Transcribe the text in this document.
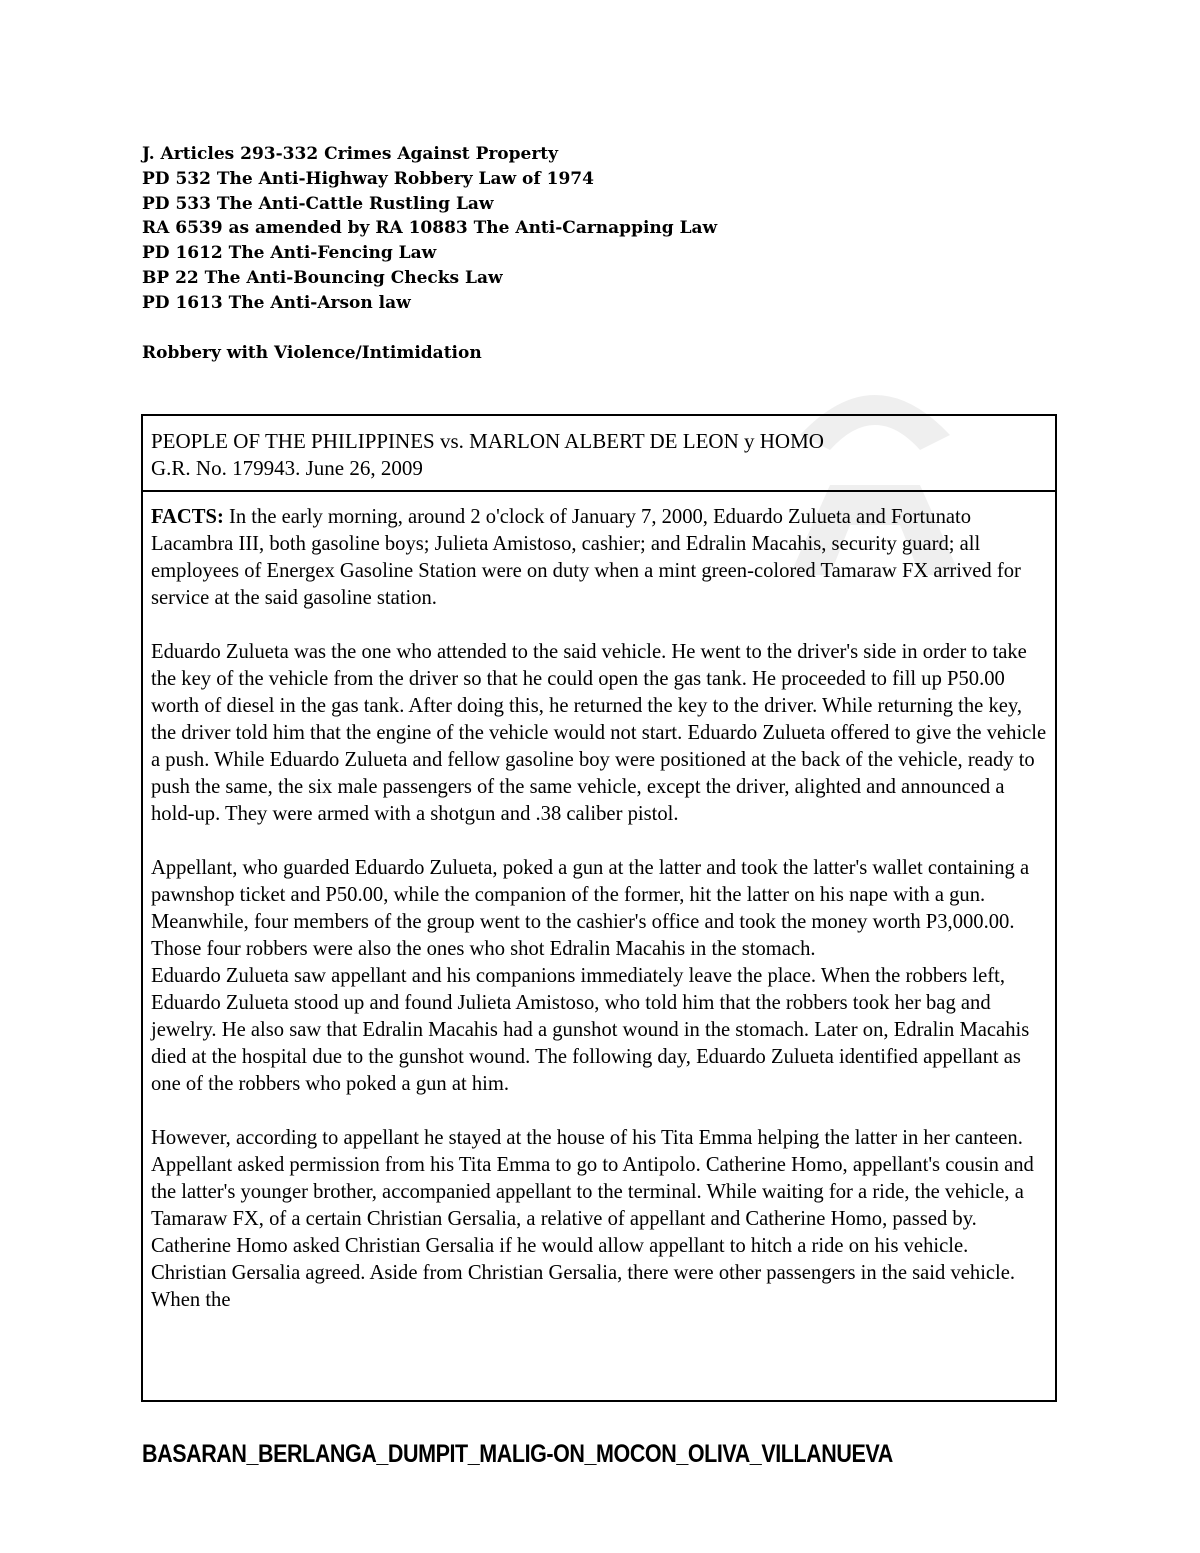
J. Articles 293-332 Crimes Against Property
PD 532 The Anti-Highway Robbery Law of 1974
PD 533 The Anti-Cattle Rustling Law
RA 6539 as amended by RA 10883 The Anti-Carnapping Law
PD 1612 The Anti-Fencing Law
BP 22 The Anti-Bouncing Checks Law
PD 1613 The Anti-Arson law
Robbery with Violence/Intimidation
PEOPLE OF THE PHILIPPINES vs. MARLON ALBERT DE LEON y HOMO
G.R. No. 179943. June 26, 2009

FACTS: In the early morning, around 2 o'clock of January 7, 2000, Eduardo Zulueta and Fortunato Lacambra III, both gasoline boys; Julieta Amistoso, cashier; and Edralin Macahis, security guard; all employees of Energex Gasoline Station were on duty when a mint green-colored Tamaraw FX arrived for service at the said gasoline station.

Eduardo Zulueta was the one who attended to the said vehicle. He went to the driver's side in order to take the key of the vehicle from the driver so that he could open the gas tank. He proceeded to fill up P50.00 worth of diesel in the gas tank. After doing this, he returned the key to the driver. While returning the key, the driver told him that the engine of the vehicle would not start. Eduardo Zulueta offered to give the vehicle a push. While Eduardo Zulueta and fellow gasoline boy were positioned at the back of the vehicle, ready to push the same, the six male passengers of the same vehicle, except the driver, alighted and announced a hold-up. They were armed with a shotgun and .38 caliber pistol.

Appellant, who guarded Eduardo Zulueta, poked a gun at the latter and took the latter's wallet containing a pawnshop ticket and P50.00, while the companion of the former, hit the latter on his nape with a gun. Meanwhile, four members of the group went to the cashier's office and took the money worth P3,000.00. Those four robbers were also the ones who shot Edralin Macahis in the stomach.

Eduardo Zulueta saw appellant and his companions immediately leave the place. When the robbers left, Eduardo Zulueta stood up and found Julieta Amistoso, who told him that the robbers took her bag and jewelry. He also saw that Edralin Macahis had a gunshot wound in the stomach. Later on, Edralin Macahis died at the hospital due to the gunshot wound. The following day, Eduardo Zulueta identified appellant as one of the robbers who poked a gun at him.

However, according to appellant he stayed at the house of his Tita Emma helping the latter in her canteen. Appellant asked permission from his Tita Emma to go to Antipolo. Catherine Homo, appellant's cousin and the latter's younger brother, accompanied appellant to the terminal. While waiting for a ride, the vehicle, a Tamaraw FX, of a certain Christian Gersalia, a relative of appellant and Catherine Homo, passed by. Catherine Homo asked Christian Gersalia if he would allow appellant to hitch a ride on his vehicle. Christian Gersalia agreed. Aside from Christian Gersalia, there were other passengers in the said vehicle. When the

BASARAN_BERLANGA_DUMPIT_MALIG-ON_MOCON_OLIVA_VILLANUEVA
